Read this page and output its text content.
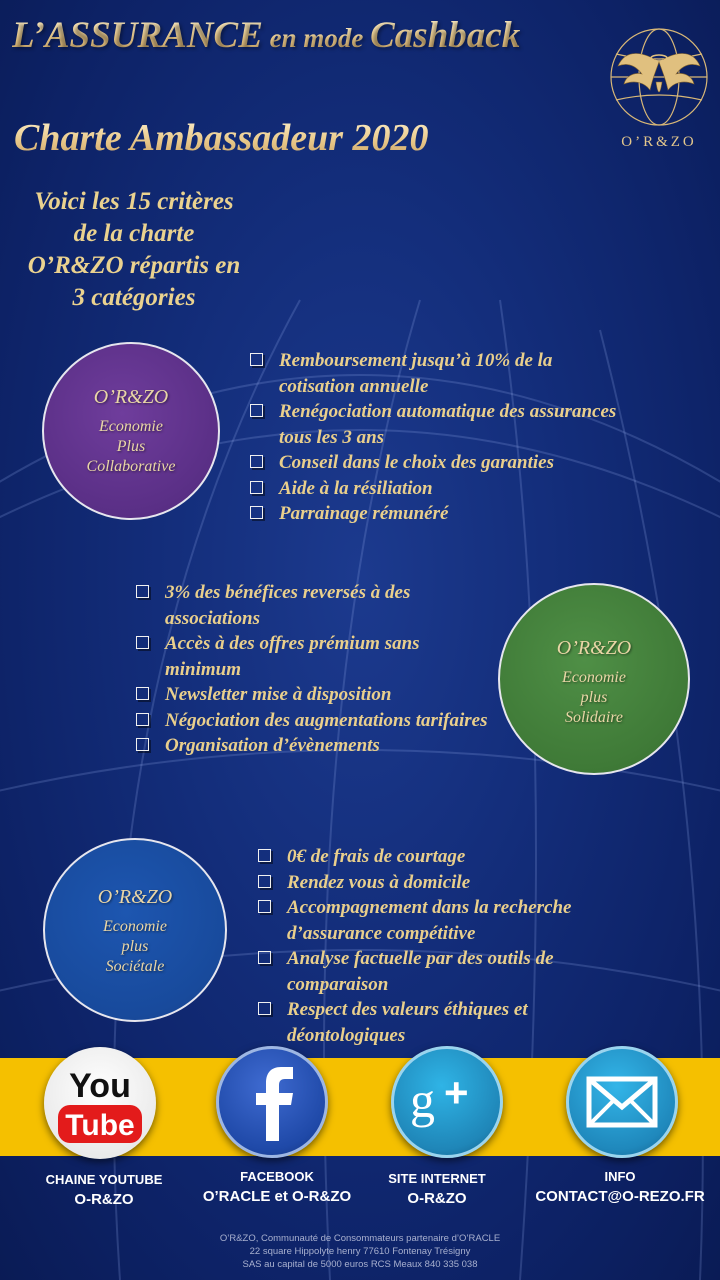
L’ASSURANCE en mode Cashback
Charte Ambassadeur 2020	O’R&ZO
Voici les 15 critères
de la charte
O’R&ZO répartis en
3 catégories
O’R&ZO
Economie
Plus
Collaborative
Remboursement jusqu’à 10% de la cotisation annuelle
Renégociation automatique des assurances tous les 3 ans
Conseil dans le choix des garanties
Aide à la résiliation
Parrainage rémunéré
3% des bénéfices reversés à des associations
Accès à des offres prémium sans minimum
Newsletter mise à disposition
Négociation des augmentations tarifaires
Organisation d’évènements
O’R&ZO
Economie
plus
Solidaire
O’R&ZO
Economie
plus
Sociétale
0€ de frais de courtage
Rendez vous à domicile
Accompagnement dans la recherche d’assurance compétitive
Analyse factuelle par des outils de comparaison
Respect des valeurs éthiques et déontologiques
You
Tube	g +
CHAINE YOUTUBE
O-R&ZO
FACEBOOK
O’RACLE et O-R&ZO
SITE INTERNET
O-R&ZO
INFO
CONTACT@O-REZO.FR
O’R&ZO, Communauté de Consommateurs partenaire d’O’RACLE
22 square Hippolyte henry 77610 Fontenay Trésigny
SAS au capital de 5000 euros RCS Meaux 840 335 038
